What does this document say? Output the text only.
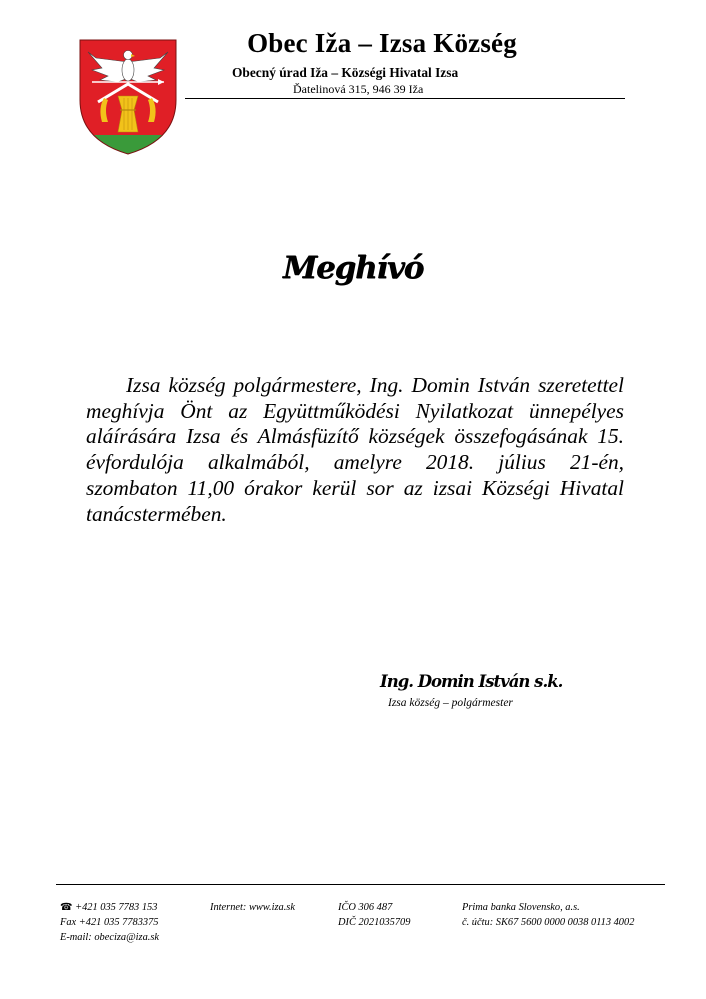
Obec Iža – Izsa Község
Obecný úrad Iža – Községi Hivatal Izsa
Ďatelinová 315, 946 39 Iža
Meghívó
Izsa község polgármestere, Ing. Domin István szeretettel meghívja Önt az Együttműködési Nyilatkozat ünnepélyes aláírására Izsa és Almásfüzítő községek összefogásának 15. évfordulója alkalmából, amelyre 2018. július 21-én, szombaton 11,00 órakor kerül sor az izsai Községi Hivatal tanácstermében.
Ing. Domin István s.k.
Izsa község – polgármester
☎ +421 035 7783 153
Fax +421 035 7783375
E-mail: obeciza@iza.sk
Internet: www.iza.sk	IČO 306 487
DIČ 2021035709
Prima banka Slovensko, a.s.
č. účtu: SK67 5600 0000 0038 0113 4002
